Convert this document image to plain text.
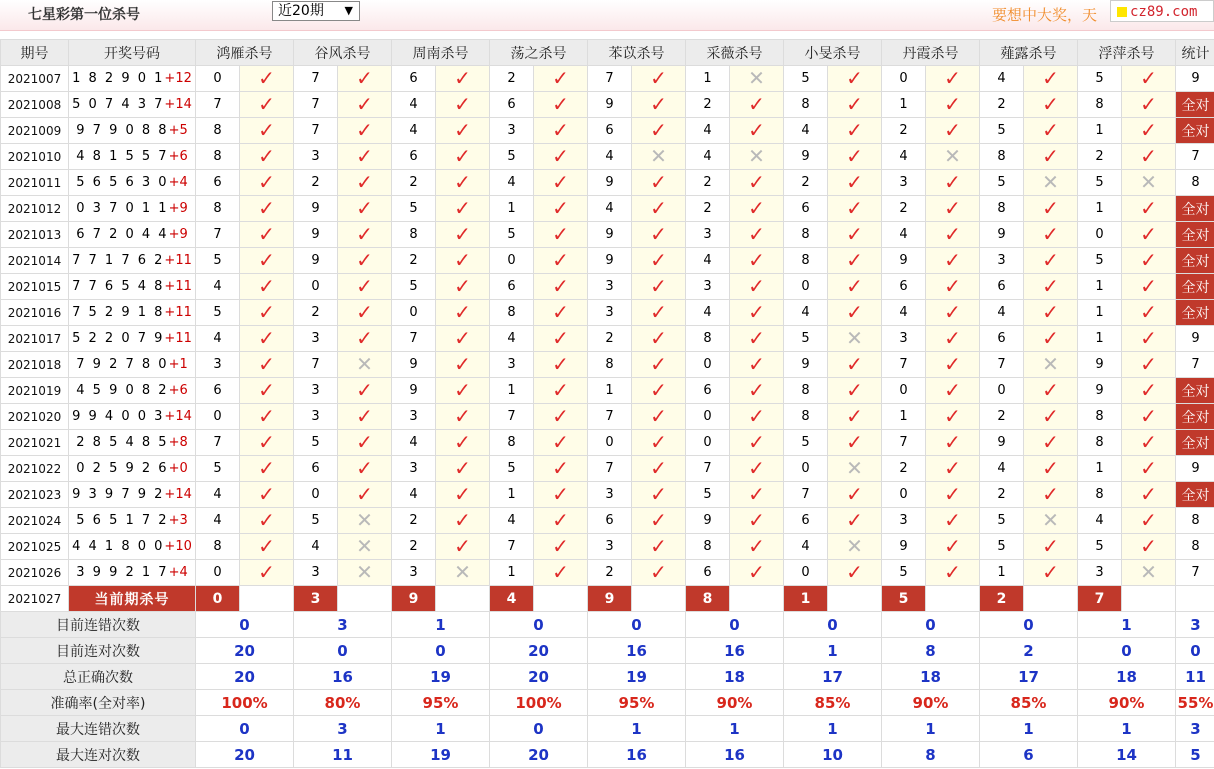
七星彩第一位杀号	近20期 ▼	要想中大奖，天	cz89.com
期号	开奖号码	鸿雁杀号		谷风杀号		周南杀号		荡之杀号		苯苡杀号		采薇杀号		小旻杀号		丹霞杀号		薤露杀号		浮萍杀号		统计
2021007	1 8 2 9 0 1+12	0	✓	7	✓	6	✓	2	✓	7	✓	1	✕	5	✓	0	✓	4	✓	5	✓	9
2021008	5 0 7 4 3 7+14	7	✓	7	✓	4	✓	6	✓	9	✓	2	✓	8	✓	1	✓	2	✓	8	✓	全对
2021009	9 7 9 0 8 8+5	8	✓	7	✓	4	✓	3	✓	6	✓	4	✓	4	✓	2	✓	5	✓	1	✓	全对
2021010	4 8 1 5 5 7+6	8	✓	3	✓	6	✓	5	✓	4	✕	4	✕	9	✓	4	✕	8	✓	2	✓	7
2021011	5 6 5 6 3 0+4	6	✓	2	✓	2	✓	4	✓	9	✓	2	✓	2	✓	3	✓	5	✕	5	✕	8
2021012	0 3 7 0 1 1+9	8	✓	9	✓	5	✓	1	✓	4	✓	2	✓	6	✓	2	✓	8	✓	1	✓	全对
2021013	6 7 2 0 4 4+9	7	✓	9	✓	8	✓	5	✓	9	✓	3	✓	8	✓	4	✓	9	✓	0	✓	全对
2021014	7 7 1 7 6 2+11	5	✓	9	✓	2	✓	0	✓	9	✓	4	✓	8	✓	9	✓	3	✓	5	✓	全对
2021015	7 7 6 5 4 8+11	4	✓	0	✓	5	✓	6	✓	3	✓	3	✓	0	✓	6	✓	6	✓	1	✓	全对
2021016	7 5 2 9 1 8+11	5	✓	2	✓	0	✓	8	✓	3	✓	4	✓	4	✓	4	✓	4	✓	1	✓	全对
2021017	5 2 2 0 7 9+11	4	✓	3	✓	7	✓	4	✓	2	✓	8	✓	5	✕	3	✓	6	✓	1	✓	9
2021018	7 9 2 7 8 0+1	3	✓	7	✕	9	✓	3	✓	8	✓	0	✓	9	✓	7	✓	7	✕	9	✓	7
2021019	4 5 9 0 8 2+6	6	✓	3	✓	9	✓	1	✓	1	✓	6	✓	8	✓	0	✓	0	✓	9	✓	全对
2021020	9 9 4 0 0 3+14	0	✓	3	✓	3	✓	7	✓	7	✓	0	✓	8	✓	1	✓	2	✓	8	✓	全对
2021021	2 8 5 4 8 5+8	7	✓	5	✓	4	✓	8	✓	0	✓	0	✓	5	✓	7	✓	9	✓	8	✓	全对
2021022	0 2 5 9 2 6+0	5	✓	6	✓	3	✓	5	✓	7	✓	7	✓	0	✕	2	✓	4	✓	1	✓	9
2021023	9 3 9 7 9 2+14	4	✓	0	✓	4	✓	1	✓	3	✓	5	✓	7	✓	0	✓	2	✓	8	✓	全对
2021024	5 6 5 1 7 2+3	4	✓	5	✕	2	✓	4	✓	6	✓	9	✓	6	✓	3	✓	5	✕	4	✓	8
2021025	4 4 1 8 0 0+10	8	✓	4	✕	2	✓	7	✓	3	✓	8	✓	4	✕	9	✓	5	✓	5	✓	8
2021026	3 9 9 2 1 7+4	0	✓	3	✕	3	✕	1	✓	2	✓	6	✓	0	✓	5	✓	1	✓	3	✕	7
2021027	当前期杀号	0		3		9		4		9		8		1		5		2		7		
目前连错次数		0		3		1		0		0		0		0		0		0		1		3
目前连对次数		20		0		0		20		16		16		1		8		2		0		0
总正确次数		20		16		19		20		19		18		17		18		17		18		11
准确率(全对率)		100%		80%		95%		100%		95%		90%		85%		90%		85%		90%		55%
最大连错次数		0		3		1		0		1		1		1		1		1		1		3
最大连对次数		20		11		19		20		16		16		10		8		6		14		5
